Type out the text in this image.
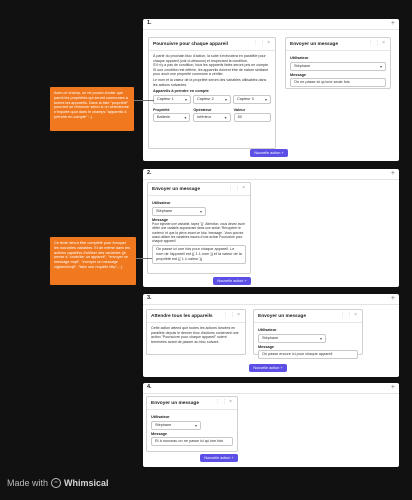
1.	+
Poursuivre pour chaque appareil	⋮⋮×
À partir du prochain bloc d'action, la suite s'exécutera en parallèle pour chaque appareil (voir ci-dessous) et respectant la condition.
S'il n'y a pas de condition, tous les appareils listés seront pris en compte. Si une condition est définie, les appareils doivent être de nature similaire pour avoir une propriété commune à vérifier.
Le nom et la valeur de la propriété seront des variables utilisables dans les actions suivantes.
Appareils à prendre en compte
Capteur 1	▾	Capteur 2	▾	Capteur 3	▾
Propriété
Batterie	▾
Opérateur
inférieur	▾
Valeur
50
Envoyer un message	⋮⋮×
Utilisateur
Stéphane	▾
Message
On ne passe ici qu'une seule fois
Nouvelle action +
Avec ce champ, on ne pourra choisir que parmi les propriétés qui seront communes à toutes les appareils. Dans la liste "propriété" pourront se retrouver selon si on sélectionne n'importe quoi dans le champs "appareils à prendre en compte" :-)
2.	+
Envoyer un message	⋮⋮×
Utilisateur
Stéphane	▾
Message
Pour injecter une variable, tapez '{{'. Attention, vous devez avoir défini une variable auparavant dans une action 'Récupérer le contenu' et que la pièce avant ce bloc 'message'. Vous pouvez aussi utiliser les variables issues d'une action Poursuivre pour chaque appareil
On passe ici une fois pour chaque appareil. Le nom de l'appareil est {{ 1.1.nom }} et la valeur de la propriété est {{ 1.1.valeur }}
Nouvelle action +
Ce texte devra être complété pour évoquer les nouvelles variables. Et de même dans les actions capables d'utiliser des variables (je pense à "contrôler un appareil", "envoyer un message mqtt", "envoyer un message zigbee2mqtt", "faire une requête http",...)
3.	+
Attendre tous les appareils	⋮⋮×
Cette action attend que toutes les actions lancées en parallèle depuis le dernier bloc d'actions contenant une action "Poursuivre pour chaque appareil" soient terminées avant de passer au bloc suivant.
Envoyer un message	⋮⋮×
Utilisateur
Stéphane	▾
Message
On passe encore ici pour chaque appareil
Nouvelle action +
4.	+
Envoyer un message	⋮⋮×
Utilisateur
Stéphane	▾
Message
Et à nouveau on ne passe ici qu'une fois
Nouvelle action +
Made with	≈ Whimsical
